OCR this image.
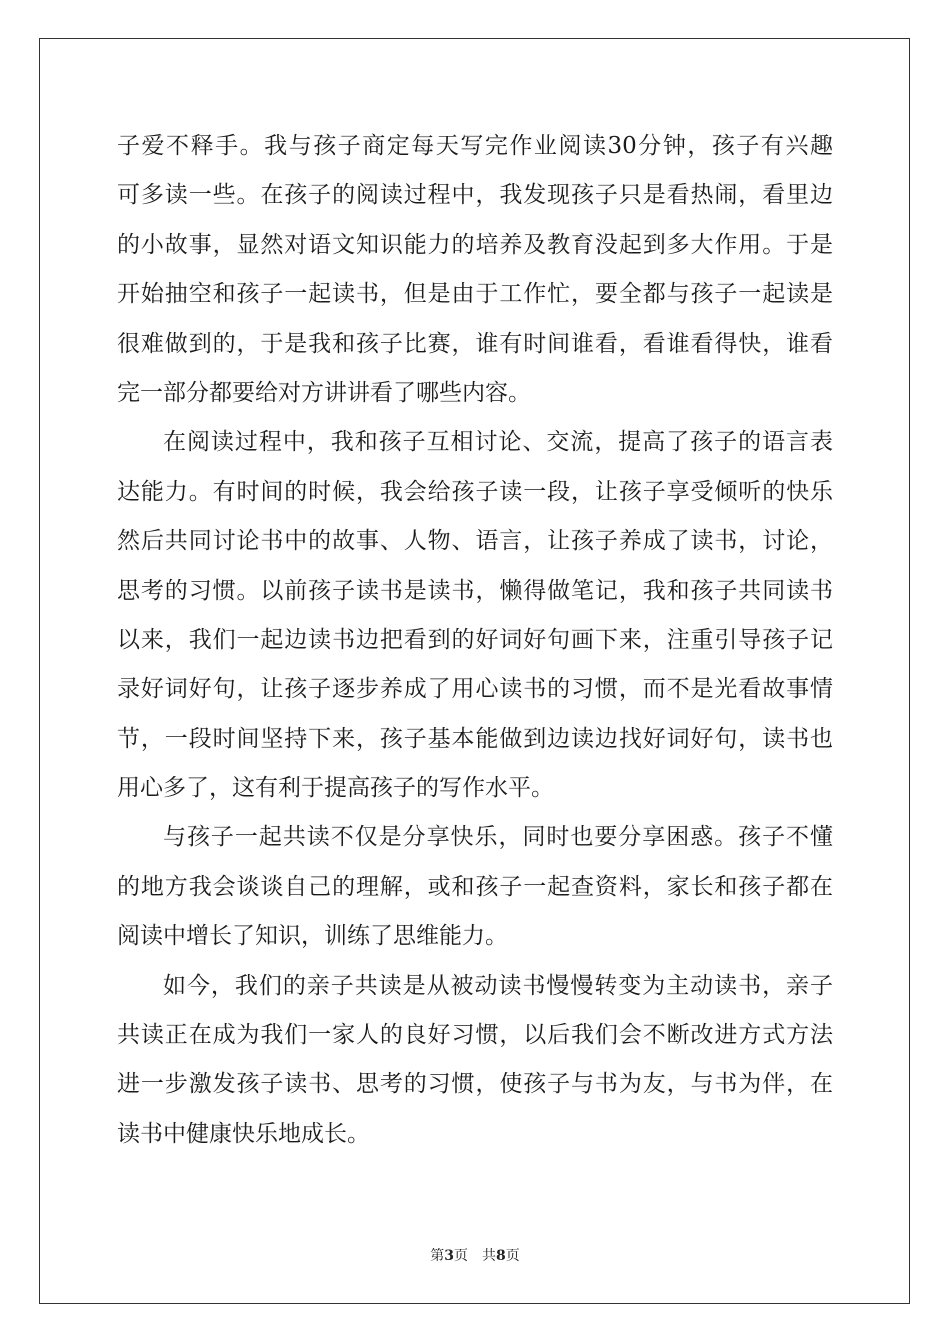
子爱不释手。我与孩子商定每天写完作业阅读30分钟，孩子有兴趣
可多读一些。在孩子的阅读过程中，我发现孩子只是看热闹，看里边
的小故事，显然对语文知识能力的培养及教育没起到多大作用。于是
开始抽空和孩子一起读书，但是由于工作忙，要全都与孩子一起读是
很难做到的，于是我和孩子比赛，谁有时间谁看，看谁看得快，谁看
完一部分都要给对方讲讲看了哪些内容。
在阅读过程中，我和孩子互相讨论、交流，提高了孩子的语言表
达能力。有时间的时候，我会给孩子读一段，让孩子享受倾听的快乐
然后共同讨论书中的故事、人物、语言，让孩子养成了读书，讨论，
思考的习惯。以前孩子读书是读书，懒得做笔记，我和孩子共同读书
以来，我们一起边读书边把看到的好词好句画下来，注重引导孩子记
录好词好句，让孩子逐步养成了用心读书的习惯，而不是光看故事情
节，一段时间坚持下来，孩子基本能做到边读边找好词好句，读书也
用心多了，这有利于提高孩子的写作水平。
与孩子一起共读不仅是分享快乐，同时也要分享困惑。孩子不懂
的地方我会谈谈自己的理解，或和孩子一起查资料，家长和孩子都在
阅读中增长了知识，训练了思维能力。
如今，我们的亲子共读是从被动读书慢慢转变为主动读书，亲子
共读正在成为我们一家人的良好习惯，以后我们会不断改进方式方法
进一步激发孩子读书、思考的习惯，使孩子与书为友，与书为伴，在
读书中健康快乐地成长。
第3页　共8页
